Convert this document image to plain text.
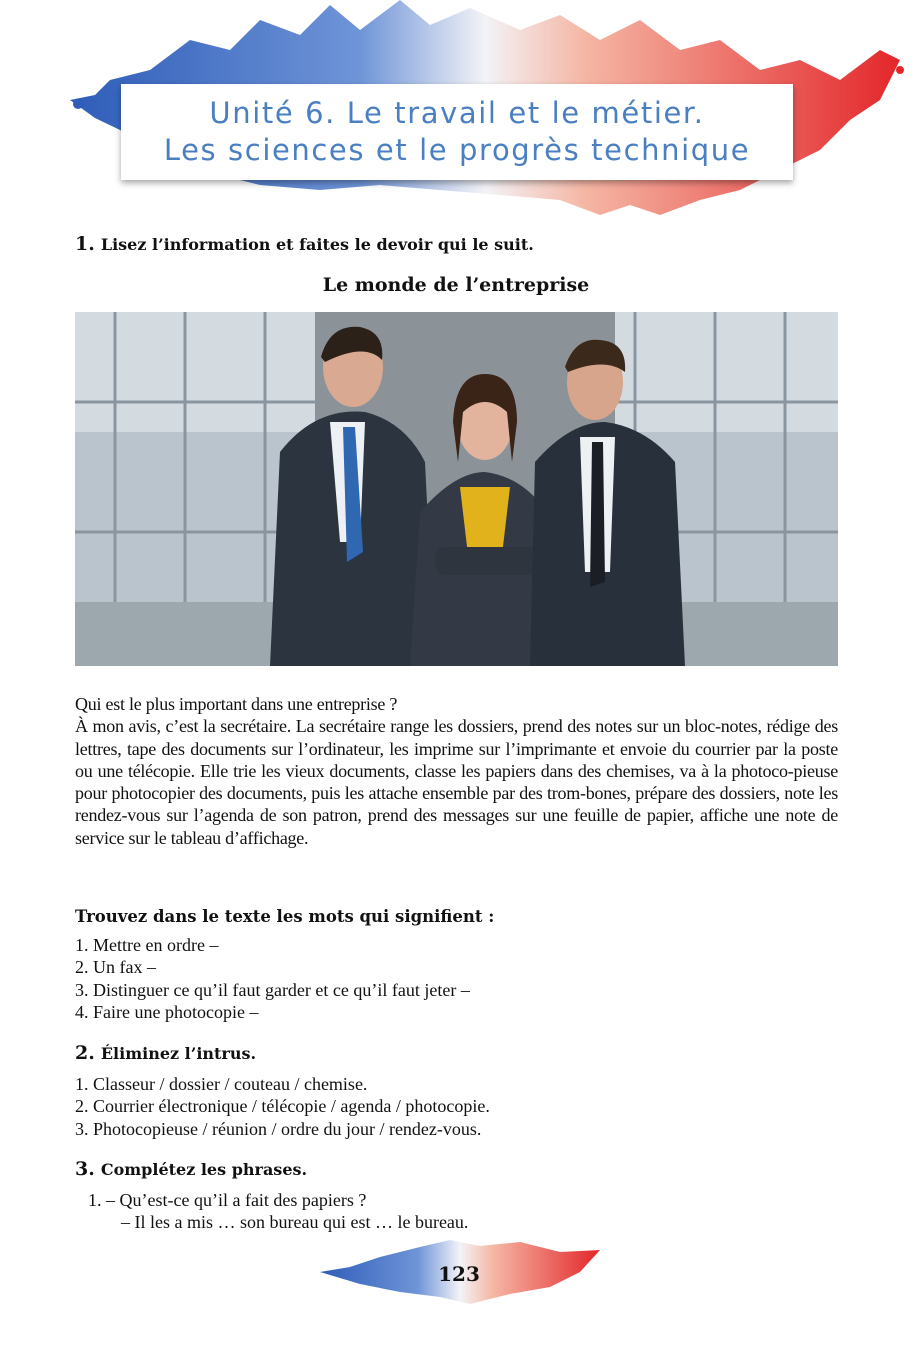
Unité 6. Le travail et le métier.
Les sciences et le progrès technique
1. Lisez l’information et faites le devoir qui le suit.
Le monde de l’entreprise

Qui est le plus important dans une entreprise ?

À mon avis, c’est la secrétaire. La secrétaire range les dossiers, prend des notes sur un bloc-notes, rédige des lettres, tape des documents sur l’ordinateur, les imprime sur l’imprimante et envoie du courrier par la poste ou une télécopie. Elle trie les vieux documents, classe les papiers dans des chemises, va à la photoco-pieuse pour photocopier des documents, puis les attache ensemble par des trom-bones, prépare des dossiers, note les rendez-vous sur l’agenda de son patron, prend des messages sur une feuille de papier, affiche une note de service sur le tableau d’affichage.

Trouvez dans le texte les mots qui signifient :
1. Mettre en ordre –
2. Un fax –
3. Distinguer ce qu’il faut garder et ce qu’il faut jeter –
4. Faire une photocopie –
2. Éliminez l’intrus.
1. Classeur / dossier / couteau / chemise.
2. Courrier électronique / télécopie / agenda / photocopie.
3. Photocopieuse / réunion / ordre du jour / rendez-vous.
3. Complétez les phrases.
1. – Qu’est-ce qu’il a fait des papiers ?
– Il les a mis … son bureau qui est … le bureau.
123
